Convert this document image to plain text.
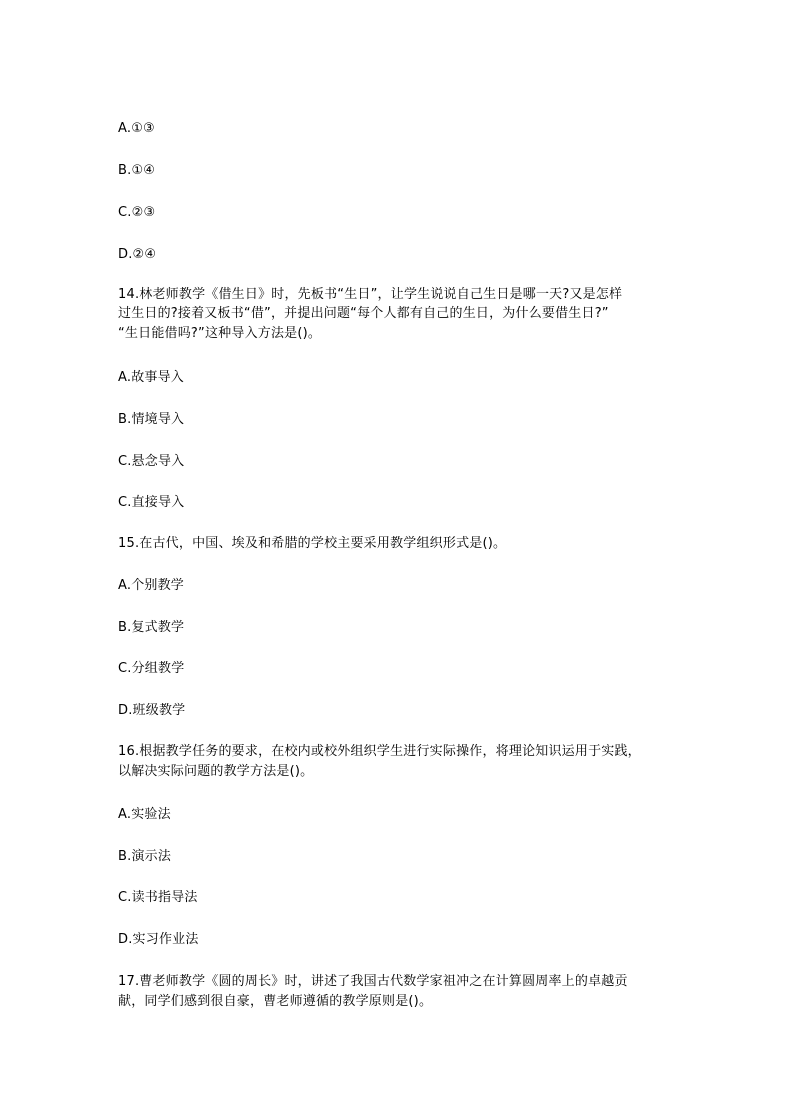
A.①③
B.①④
C.②③
D.②④
14.林老师教学《借生日》时，先板书“生日”，让学生说说自己生日是哪一天?又是怎样
过生日的?接着又板书“借”，并提出问题“每个人都有自己的生日，为什么要借生日?”
“生日能借吗?”这种导入方法是()。
A.故事导入
B.情境导入
C.悬念导入
C.直接导入
15.在古代，中国、埃及和希腊的学校主要采用教学组织形式是()。
A.个别教学
B.复式教学
C.分组教学
D.班级教学
16.根据教学任务的要求，在校内或校外组织学生进行实际操作，将理论知识运用于实践，
以解决实际问题的教学方法是()。
A.实验法
B.演示法
C.读书指导法
D.实习作业法
17.曹老师教学《圆的周长》时，讲述了我国古代数学家祖冲之在计算圆周率上的卓越贡
献，同学们感到很自豪，曹老师遵循的教学原则是()。
